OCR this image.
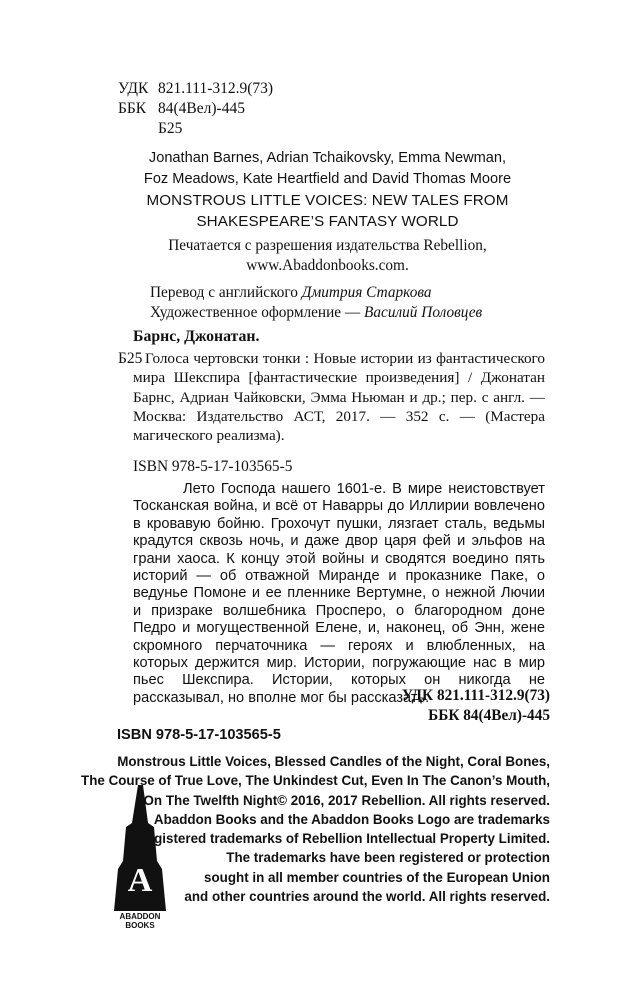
УДК 821.111-312.9(73)
ББК 84(4Вел)-445
Б25
Jonathan Barnes, Adrian Tchaikovsky, Emma Newman,
Foz Meadows, Kate Heartfield and David Thomas Moore
MONSTROUS LITTLE VOICES: NEW TALES FROM
SHAKESPEARE’S FANTASY WORLD
Печатается с разрешения издательства Rebellion,
www.Abaddonbooks.com.
Перевод с английского Дмитрия Старкова
Художественное оформление — Василий Половцев
Барнс, Джонатан.
Б25 Голоса чертовски тонки : Новые истории из фантастического мира Шекспира [фантастические произведения] / Джонатан Барнс, Адриан Чайковски, Эмма Ньюман и др.; пер. с англ. — Москва: Издательство АСТ, 2017. — 352 с. — (Мастера магического реализма).
ISBN 978-5-17-103565-5
Лето Господа нашего 1601-е. В мире неистовствует Тосканская война, и всё от Наварры до Иллирии вовлечено в кровавую бойню. Грохочут пушки, лязгает сталь, ведьмы крадутся сквозь ночь, и даже двор царя фей и эльфов на грани хаоса. К концу этой войны и сводятся воедино пять историй — об отважной Миранде и проказнике Паке, о ведунье Помоне и ее пленнике Вертумне, о нежной Лючии и призраке волшебника Просперо, о благородном доне Педро и могущественной Елене, и, наконец, об Энн, жене скромного перчаточника — героях и влюбленных, на которых держится мир. Истории, погружающие нас в мир пьес Шекспира. Истории, которых он никогда не рассказывал, но вполне мог бы рассказать.
УДК 821.111-312.9(73)
ББК 84(4Вел)-445
ISBN 978-5-17-103565-5
A
ABADDON
BOOKS
Monstrous Little Voices, Blessed Candles of the Night, Coral Bones,
The Course of True Love, The Unkindest Cut, Even In The Canon’s Mouth,
On The Twelfth Night© 2016, 2017 Rebellion. All rights reserved.
Abaddon Books and the Abaddon Books Logo are trademarks
or registered trademarks of Rebellion Intellectual Property Limited.
The trademarks have been registered or protection
sought in all member countries of the European Union
and other countries around the world. All rights reserved.
